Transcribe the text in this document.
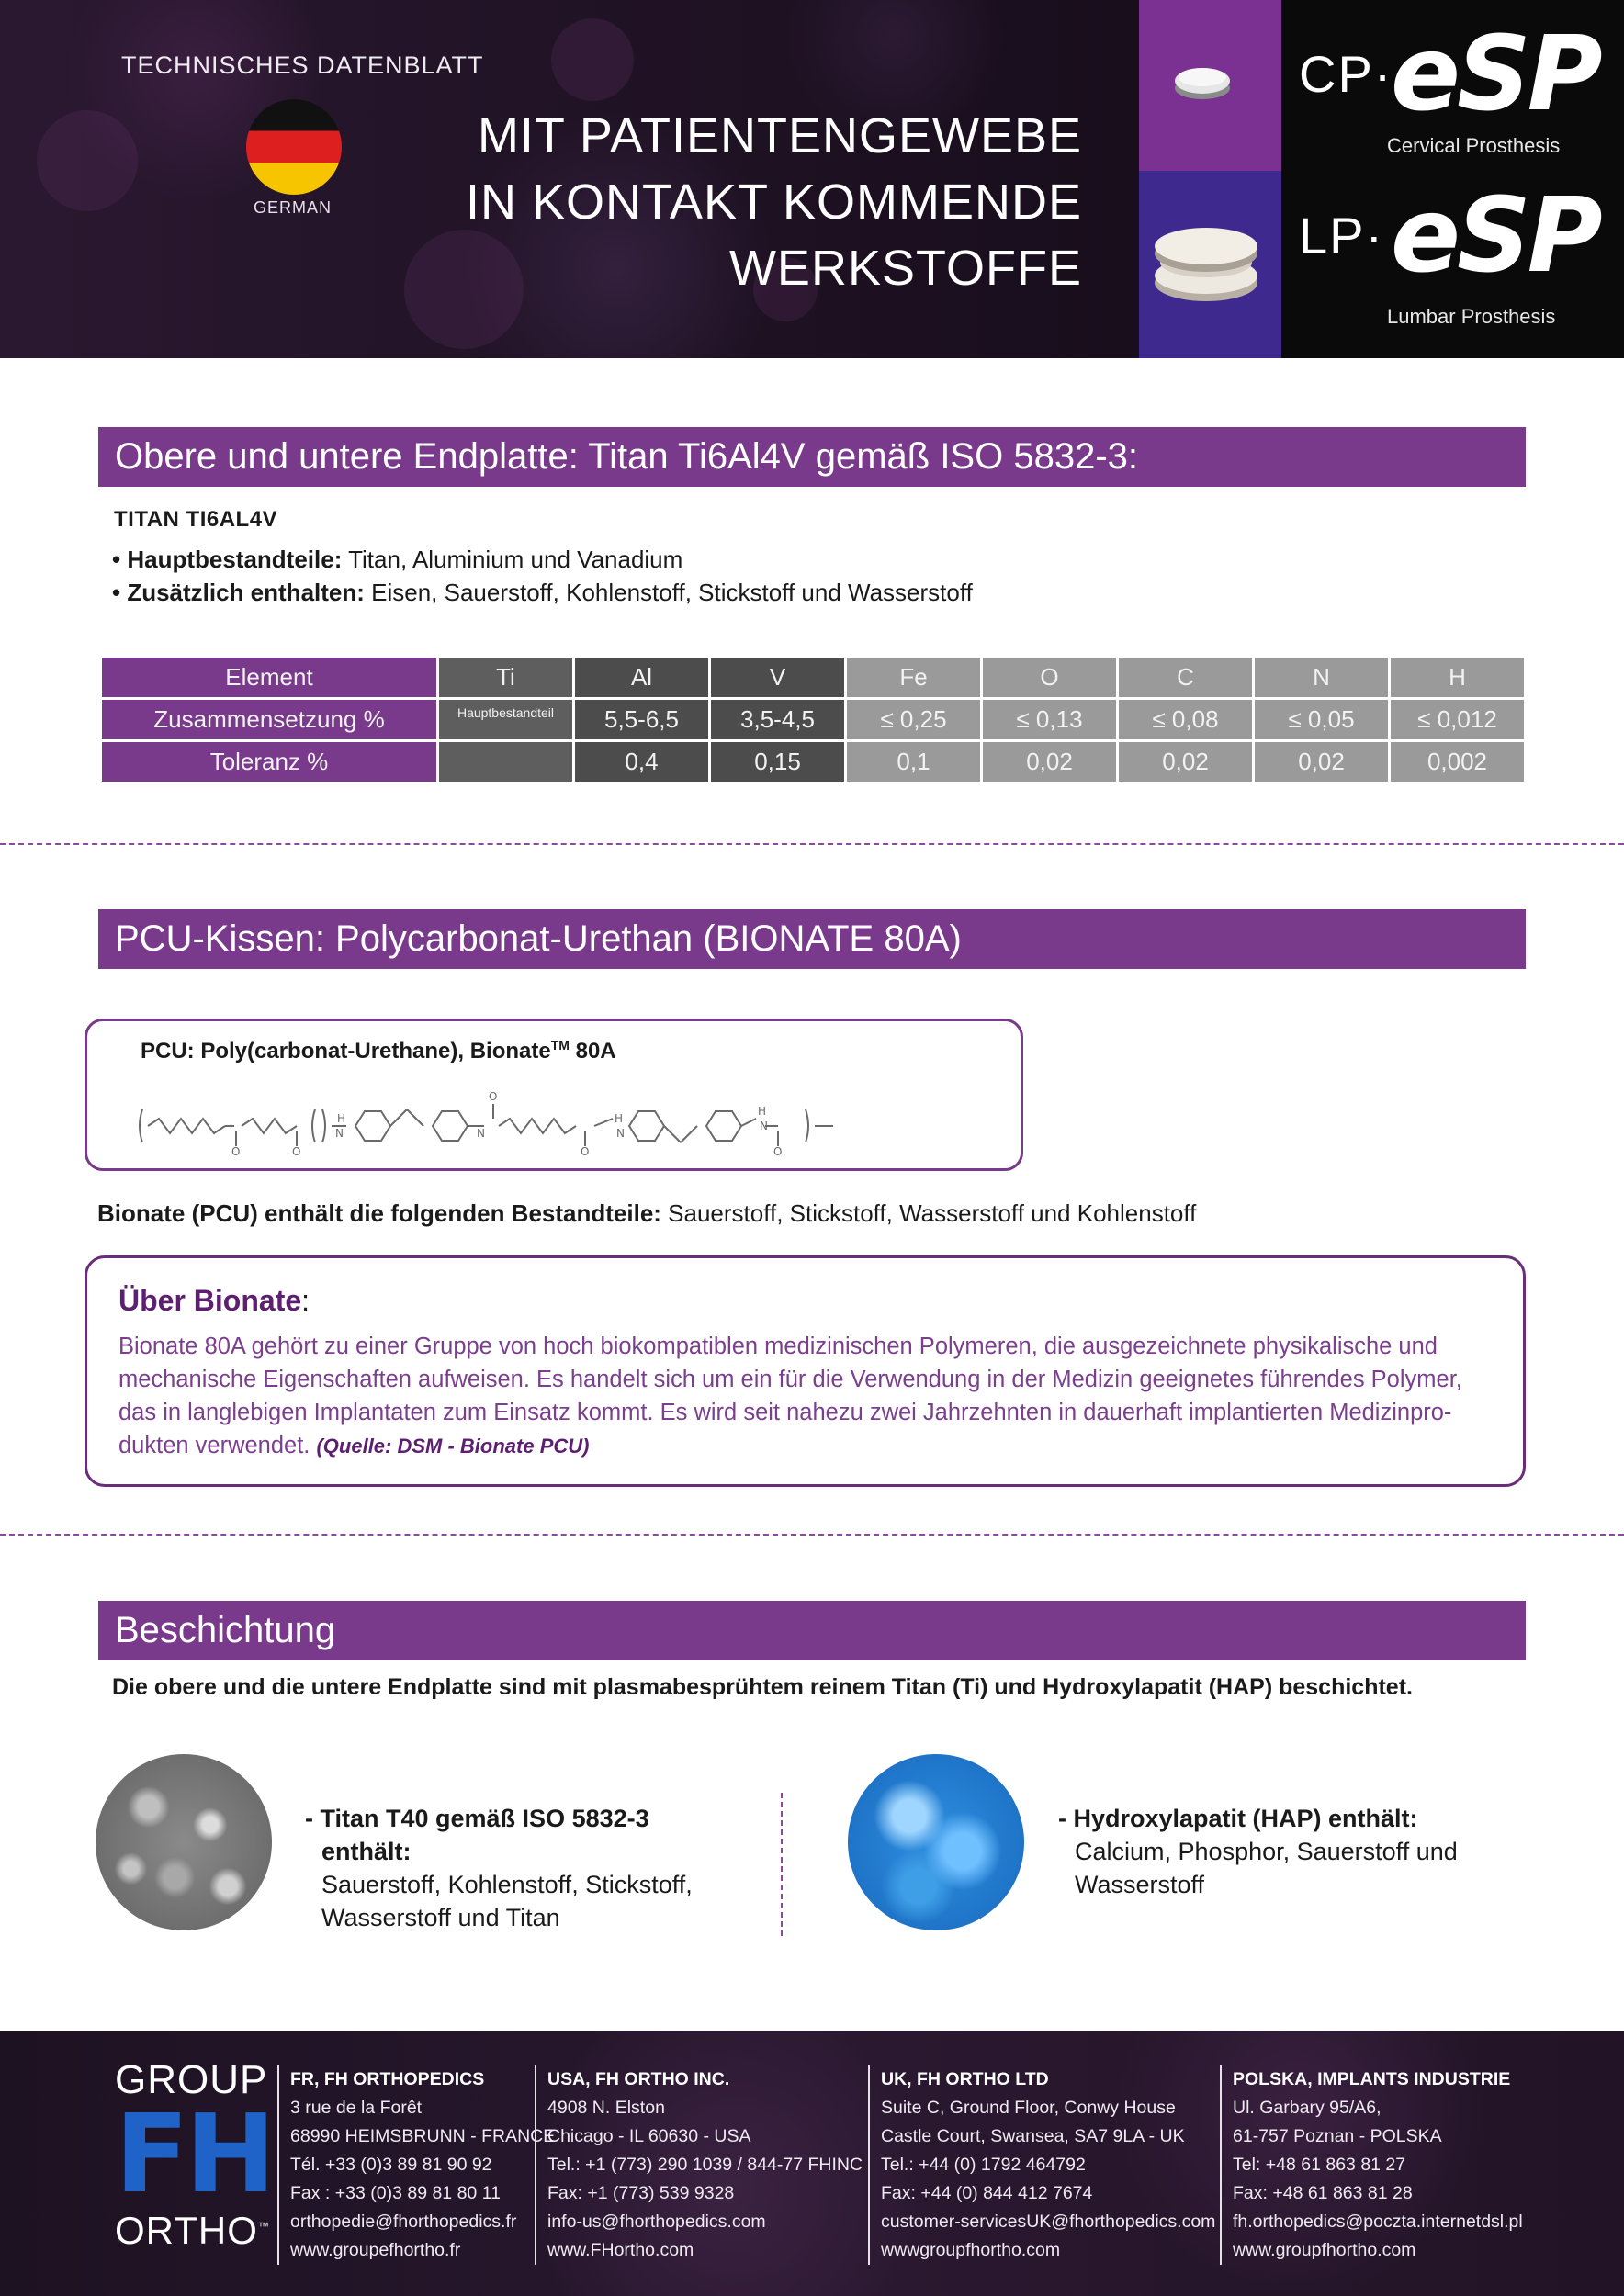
TECHNISCHES DATENBLATT
GERMAN
MIT PATIENTENGEWEBE
IN KONTAKT KOMMENDE
WERKSTOFFE
CP·
eSP
Cervical Prosthesis
LP· eSP
Lumbar Prosthesis
Obere und untere Endplatte: Titan Ti6Al4V gemäß ISO 5832-3:
TITAN TI6AL4V
• Hauptbestandteile: Titan, Aluminium und Vanadium
• Zusätzlich enthalten: Eisen, Sauerstoff, Kohlenstoff, Stickstoff und Wasserstoff
Element	Ti	Al	V	Fe	O	C	N	H
Zusammensetzung %	Hauptbestandteil	5,5-6,5	3,5-4,5	≤ 0,25	≤ 0,13	≤ 0,08	≤ 0,05	≤ 0,012
Toleranz %		0,4	0,15	0,1	0,02	0,02	0,02	0,002
PCU-Kissen: Polycarbonat-Urethan (BIONATE 80A)
PCU: Poly(carbonat-Urethane), Bionate™ 80A
O	O
H
N
O
N
O
H
N
H
N
O
Bionate (PCU) enthält die folgenden Bestandteile: Sauerstoff, Stickstoff, Wasserstoff und Kohlenstoff
Über Bionate:
Bionate 80A gehört zu einer Gruppe von hoch biokompatiblen medizinischen Polymeren, die ausgezeichnete physikalische und mechanische Eigenschaften aufweisen. Es handelt sich um ein für die Verwendung in der Medizin geeignetes führendes Polymer, das in langlebigen Implantaten zum Einsatz kommt. Es wird seit nahezu zwei Jahrzehnten in dauerhaft implantierten Medizinpro-dukten verwendet. (Quelle: DSM - Bionate PCU)
Beschichtung
Die obere und die untere Endplatte sind mit plasmabesprühtem reinem Titan (Ti) und Hydroxylapatit (HAP) beschichtet.
- Titan T40 gemäß ISO 5832-3
enthält:
Sauerstoff, Kohlenstoff, Stickstoff,
Wasserstoff und Titan
- Hydroxylapatit (HAP) enthält:
Calcium, Phosphor, Sauerstoff und
Wasserstoff
GROUP
FH
ORTHO™
FR, FH ORTHOPEDICS
3 rue de la Forêt
68990 HEIMSBRUNN - FRANCE
Tél. +33 (0)3 89 81 90 92
Fax : +33 (0)3 89 81 80 11
orthopedie@fhorthopedics.fr
www.groupefhortho.fr
USA, FH ORTHO INC.
4908 N. Elston
Chicago - IL 60630 - USA
Tel.: +1 (773) 290 1039 / 844-77 FHINC
Fax: +1 (773) 539 9328
info-us@fhorthopedics.com
www.FHortho.com
UK, FH ORTHO LTD
Suite C, Ground Floor, Conwy House
Castle Court, Swansea, SA7 9LA - UK
Tel.: +44 (0) 1792 464792
Fax: +44 (0) 844 412 7674
customer-servicesUK@fhorthopedics.com
wwwgroupfhortho.com
POLSKA, IMPLANTS INDUSTRIE
Ul. Garbary 95/A6,
61-757 Poznan - POLSKA
Tel: +48 61 863 81 27
Fax: +48 61 863 81 28
fh.orthopedics@poczta.internetdsl.pl
www.groupfhortho.com
